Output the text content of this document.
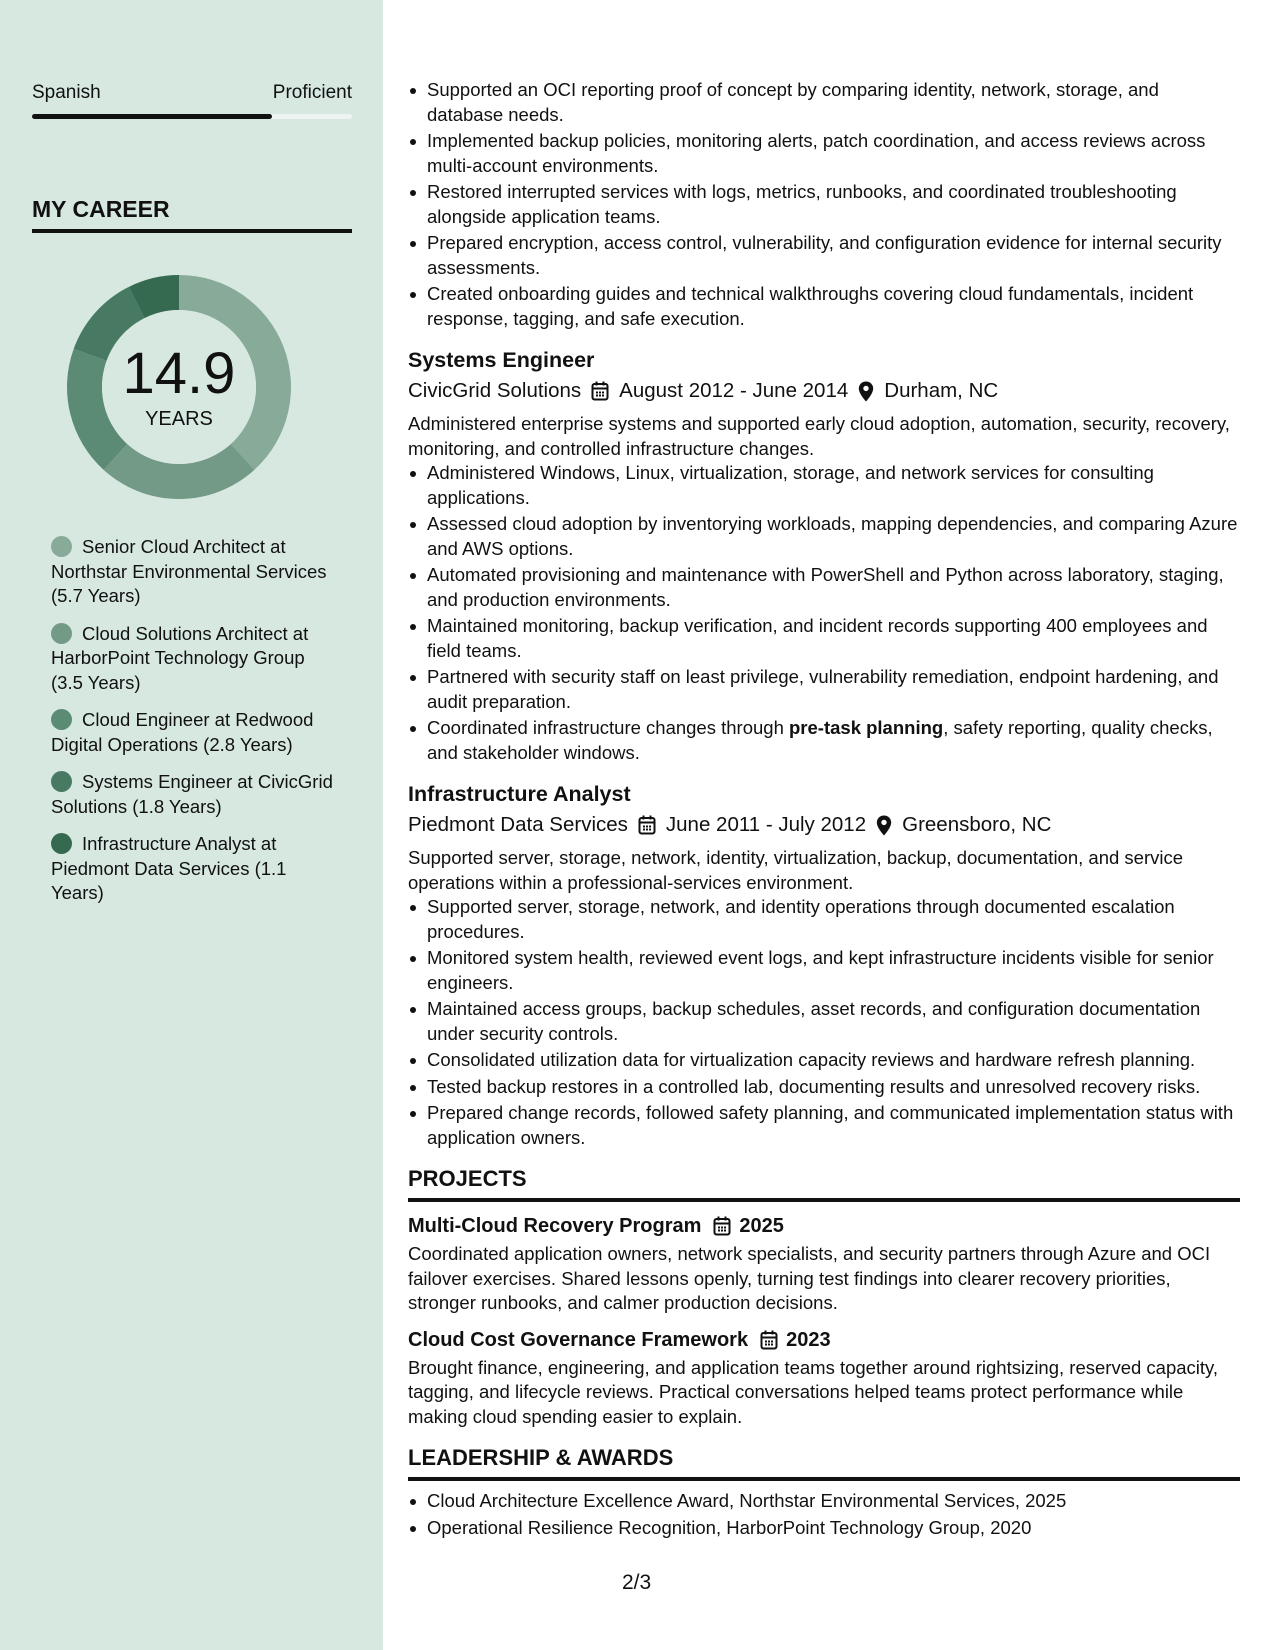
Spanish	Proficient
MY CAREER
14.9
YEARS
Senior Cloud Architect at Northstar Environmental Services (5.7 Years)
Cloud Solutions Architect at HarborPoint Technology Group (3.5 Years)
Cloud Engineer at Redwood Digital Operations (2.8 Years)
Systems Engineer at CivicGrid Solutions (1.8 Years)
Infrastructure Analyst at Piedmont Data Services (1.1 Years)
Supported an OCI reporting proof of concept by comparing identity, network, storage, and database needs.
Implemented backup policies, monitoring alerts, patch coordination, and access reviews across multi-account environments.
Restored interrupted services with logs, metrics, runbooks, and coordinated troubleshooting alongside application teams.
Prepared encryption, access control, vulnerability, and configuration evidence for internal security assessments.
Created onboarding guides and technical walkthroughs covering cloud fundamentals, incident response, tagging, and safe execution.
Systems Engineer
CivicGrid Solutions August 2012 - June 2014 Durham, NC
Administered enterprise systems and supported early cloud adoption, automation, security, recovery, monitoring, and controlled infrastructure changes.
Administered Windows, Linux, virtualization, storage, and network services for consulting applications.
Assessed cloud adoption by inventorying workloads, mapping dependencies, and comparing Azure and AWS options.
Automated provisioning and maintenance with PowerShell and Python across laboratory, staging, and production environments.
Maintained monitoring, backup verification, and incident records supporting 400 employees and field teams.
Partnered with security staff on least privilege, vulnerability remediation, endpoint hardening, and audit preparation.
Coordinated infrastructure changes through pre-task planning, safety reporting, quality checks, and stakeholder windows.
Infrastructure Analyst
Piedmont Data Services June 2011 - July 2012 Greensboro, NC
Supported server, storage, network, identity, virtualization, backup, documentation, and service operations within a professional-services environment.
Supported server, storage, network, and identity operations through documented escalation procedures.
Monitored system health, reviewed event logs, and kept infrastructure incidents visible for senior engineers.
Maintained access groups, backup schedules, asset records, and configuration documentation under security controls.
Consolidated utilization data for virtualization capacity reviews and hardware refresh planning.
Tested backup restores in a controlled lab, documenting results and unresolved recovery risks.
Prepared change records, followed safety planning, and communicated implementation status with application owners.
PROJECTS
Multi-Cloud Recovery Program 2025
Coordinated application owners, network specialists, and security partners through Azure and OCI failover exercises. Shared lessons openly, turning test findings into clearer recovery priorities, stronger runbooks, and calmer production decisions.
Cloud Cost Governance Framework 2023
Brought finance, engineering, and application teams together around rightsizing, reserved capacity, tagging, and lifecycle reviews. Practical conversations helped teams protect performance while making cloud spending easier to explain.
LEADERSHIP & AWARDS
Cloud Architecture Excellence Award, Northstar Environmental Services, 2025
Operational Resilience Recognition, HarborPoint Technology Group, 2020
2/3
